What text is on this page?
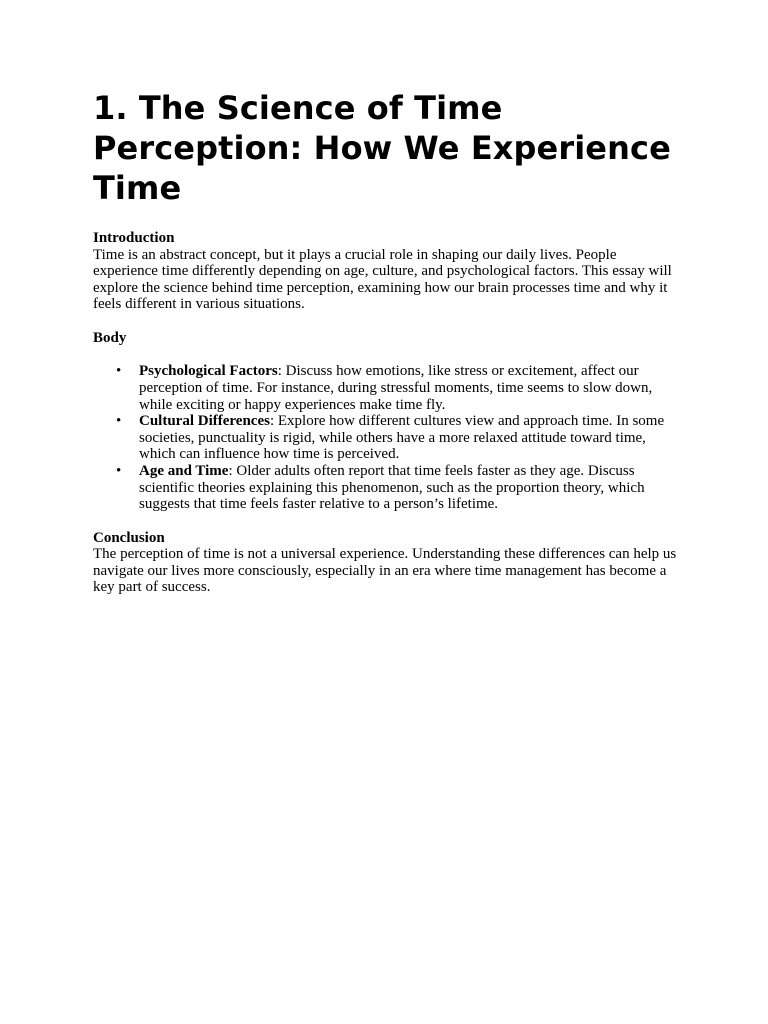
1. The Science of Time Perception: How We Experience Time

Introduction

Time is an abstract concept, but it plays a crucial role in shaping our daily lives. People experience time differently depending on age, culture, and psychological factors. This essay will explore the science behind time perception, examining how our brain processes time and why it feels different in various situations.

Body

• Psychological Factors: Discuss how emotions, like stress or excitement, affect our perception of time. For instance, during stressful moments, time seems to slow down, while exciting or happy experiences make time fly.
• Cultural Differences: Explore how different cultures view and approach time. In some societies, punctuality is rigid, while others have a more relaxed attitude toward time, which can influence how time is perceived.
• Age and Time: Older adults often report that time feels faster as they age. Discuss scientific theories explaining this phenomenon, such as the proportion theory, which suggests that time feels faster relative to a person’s lifetime.

Conclusion

The perception of time is not a universal experience. Understanding these differences can help us navigate our lives more consciously, especially in an era where time management has become a key part of success.
